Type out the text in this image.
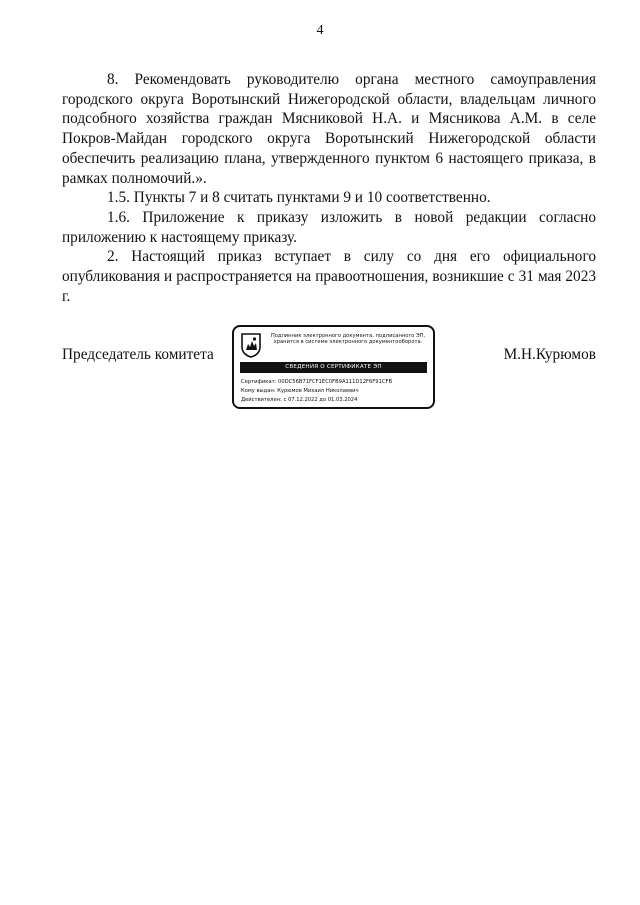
4

8. Рекомендовать руководителю органа местного самоуправления городского округа Воротынский Нижегородской области, владельцам личного подсобного хозяйства граждан Мясниковой Н.А. и Мясникова А.М. в селе Покров-Майдан городского округа Воротынский Нижегородской области обеспечить реализацию плана, утвержденного пунктом 6 настоящего приказа, в рамках полномочий.».

1.5. Пункты 7 и 8 считать пунктами 9 и 10 соответственно.

1.6. Приложение к приказу изложить в новой редакции согласно приложению к настоящему приказу.

2. Настоящий приказ вступает в силу со дня его официального опубликования и распространяется на правоотношения, возникшие с 31 мая 2023 г.

Председатель комитета	М.Н.Курюмов
Подлинник электронного документа, подписанного ЭП, хранится в системе электронного документооборота.
СВЕДЕНИЯ О СЕРТИФИКАТЕ ЭП
Сертификат: 00DC56B71FCF1EC0FB9A111D12F6F91CFB
Кому выдан: Курюмов Михаил Николаевич
Действителен: с 07.12.2022 до 01.03.2024
